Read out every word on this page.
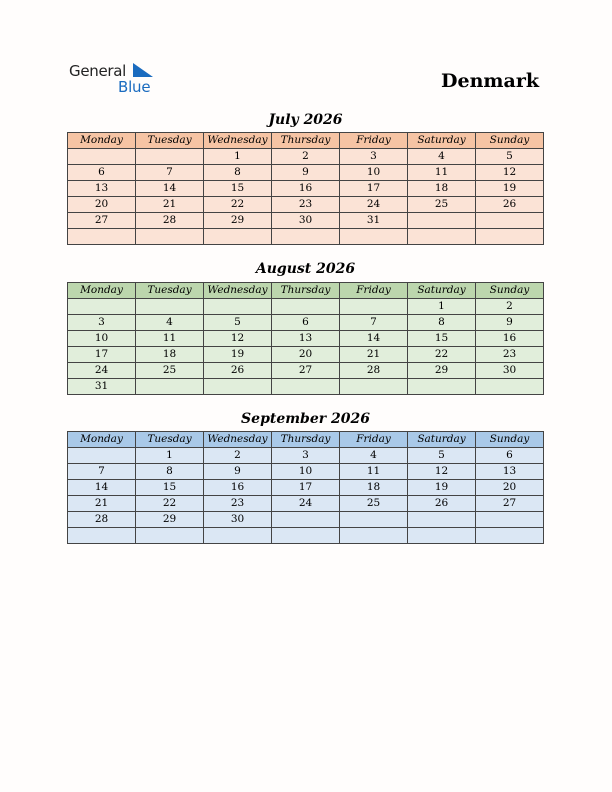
General
Blue	Denmark
July 2026
Monday	Tuesday	Wednesday	Thursday	Friday	Saturday	Sunday
		1	2	3	4	5
6	7	8	9	10	11	12
13	14	15	16	17	18	19
20	21	22	23	24	25	26
27	28	29	30	31		

August 2026
Monday	Tuesday	Wednesday	Thursday	Friday	Saturday	Sunday
					1	2
3	4	5	6	7	8	9
10	11	12	13	14	15	16
17	18	19	20	21	22	23
24	25	26	27	28	29	30
31						
September 2026
Monday	Tuesday	Wednesday	Thursday	Friday	Saturday	Sunday
	1	2	3	4	5	6
7	8	9	10	11	12	13
14	15	16	17	18	19	20
21	22	23	24	25	26	27
28	29	30				
